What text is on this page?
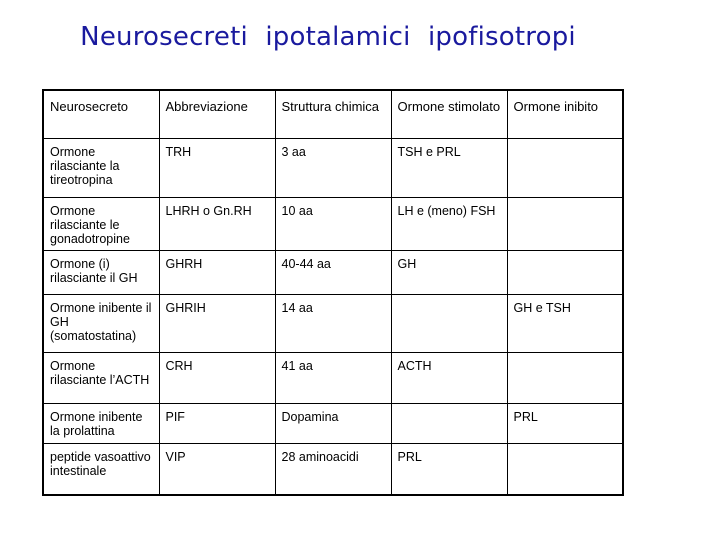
Neurosecreti ipotalamici ipofisotropi
Neurosecreto	Abbreviazione	Struttura chimica	Ormone stimolato	Ormone inibito
Ormone rilasciante la tireotropina	TRH	3 aa	TSH e PRL	
Ormone rilasciante le gonadotropine	LHRH o Gn.RH	10 aa	LH e (meno) FSH	
Ormone (i) rilasciante il GH	GHRH	40-44 aa	GH	
Ormone inibente il GH (somatostatina)	GHRIH	14 aa		GH e TSH
Ormone rilasciante l’ACTH	CRH	41 aa	ACTH	
Ormone inibente la prolattina	PIF	Dopamina		PRL
peptide vasoattivo intestinale	VIP	28 aminoacidi	PRL	
